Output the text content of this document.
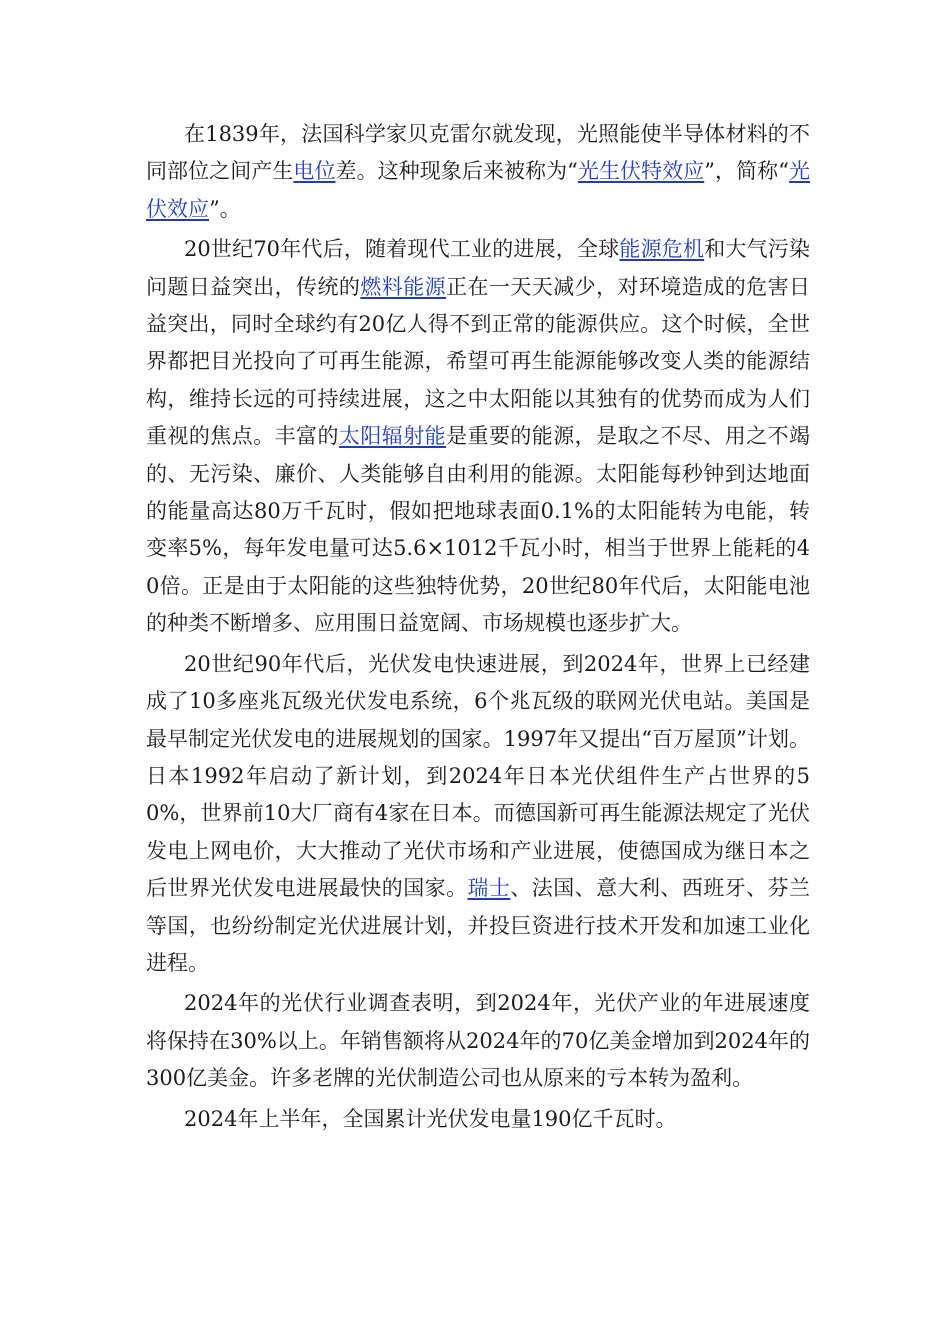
在1839年，法国科学家贝克雷尔就发现，光照能使半导体材料的不同部位之间产生电位差。这种现象后来被称为“光生伏特效应”，简称“光伏效应”。

20世纪70年代后，随着现代工业的进展，全球能源危机和大气污染问题日益突出，传统的燃料能源正在一天天减少，对环境造成的危害日益突出，同时全球约有20亿人得不到正常的能源供应。这个时候，全世界都把目光投向了可再生能源，希望可再生能源能够改变人类的能源结构，维持长远的可持续进展，这之中太阳能以其独有的优势而成为人们重视的焦点。丰富的太阳辐射能是重要的能源，是取之不尽、用之不竭的、无污染、廉价、人类能够自由利用的能源。太阳能每秒钟到达地面的能量高达80万千瓦时，假如把地球表面0.1%的太阳能转为电能，转变率5%，每年发电量可达5.6×1012千瓦小时，相当于世界上能耗的40倍。正是由于太阳能的这些独特优势，20世纪80年代后，太阳能电池的种类不断增多、应用围日益宽阔、市场规模也逐步扩大。

20世纪90年代后，光伏发电快速进展，到2024年，世界上已经建成了10多座兆瓦级光伏发电系统，6个兆瓦级的联网光伏电站。美国是最早制定光伏发电的进展规划的国家。1997年又提出“百万屋顶”计划。日本1992年启动了新计划，到2024年日本光伏组件生产占世界的50%，世界前10大厂商有4家在日本。而德国新可再生能源法规定了光伏发电上网电价，大大推动了光伏市场和产业进展，使德国成为继日本之后世界光伏发电进展最快的国家。瑞士、法国、意大利、西班牙、芬兰等国，也纷纷制定光伏进展计划，并投巨资进行技术开发和加速工业化进程。

2024年的光伏行业调查表明，到2024年，光伏产业的年进展速度将保持在30%以上。年销售额将从2024年的70亿美金增加到2024年的300亿美金。许多老牌的光伏制造公司也从原来的亏本转为盈利。

2024年上半年，全国累计光伏发电量190亿千瓦时。
